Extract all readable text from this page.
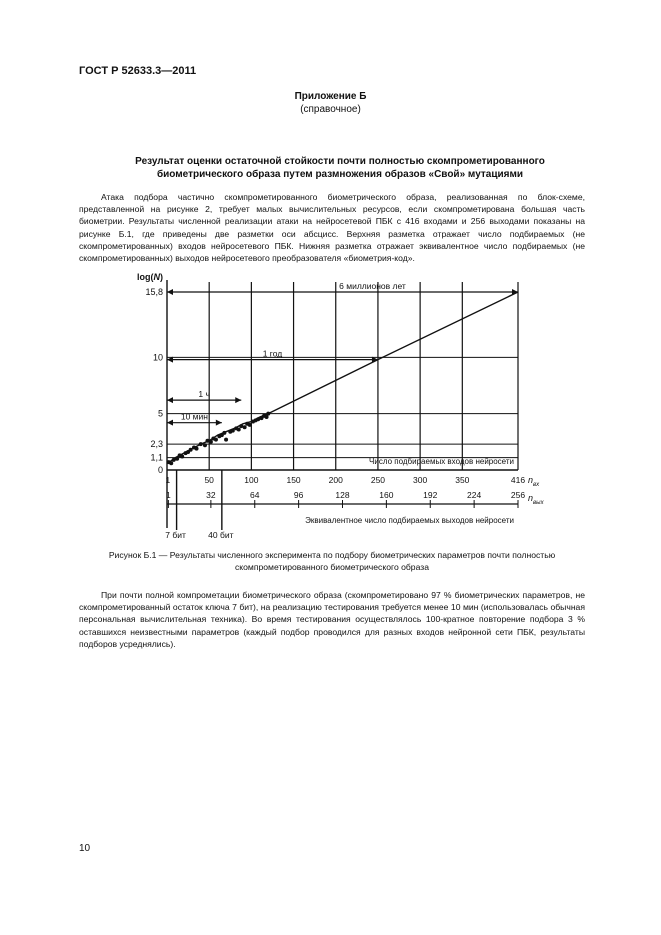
ГОСТ Р 52633.3—2011
Приложение Б
(справочное)
Результат оценки остаточной стойкости почти полностью скомпрометированного
биометрического образа путем размножения образов «Свой» мутациями

Атака подбора частично скомпрометированного биометрического образа, реализованная по блок-схеме, представленной на рисунке 2, требует малых вычислительных ресурсов, если скомпрометирована большая часть биометрии. Результаты численной реализации атаки на нейросетевой ПБК с 416 входами и 256 выходами показаны на рисунке Б.1, где приведены две разметки оси абсцисс. Верхняя разметка отражает число подбираемых (не скомпрометированных) входов нейросетевого ПБК. Нижняя разметка отражает эквивалентное число подбираемых (не скомпрометированных) выходов нейросетевого преобразователя «биометрия-код».

log(N)
0
1,1
2,3
5
10
15,8
1	50	100	150	200	250	300	350	416 $n_{вх}$
Число подбираемых входов нейросети
1	32	64	96	128	160	192	224	256 $n_{вых}$
Эквивалентное число подбираемых выходов нейросети
7 бит	40 бит
10 мин
1 ч
1 год
6 миллионов лет
Рисунок Б.1 — Результаты численного эксперимента по подбору биометрических параметров почти полностью
скомпрометированного биометрического образа

При почти полной компрометации биометрического образа (скомпрометировано 97 % биометрических параметров, не скомпрометированный остаток ключа 7 бит), на реализацию тестирования требуется менее 10 мин (использовалась обычная персональная вычислительная техника). Во время тестирования осуществлялось 100-кратное повторение подбора 3 % оставшихся неизвестными параметров (каждый подбор проводился для разных входов нейронной сети ПБК, результаты подборов усреднялись).

10
